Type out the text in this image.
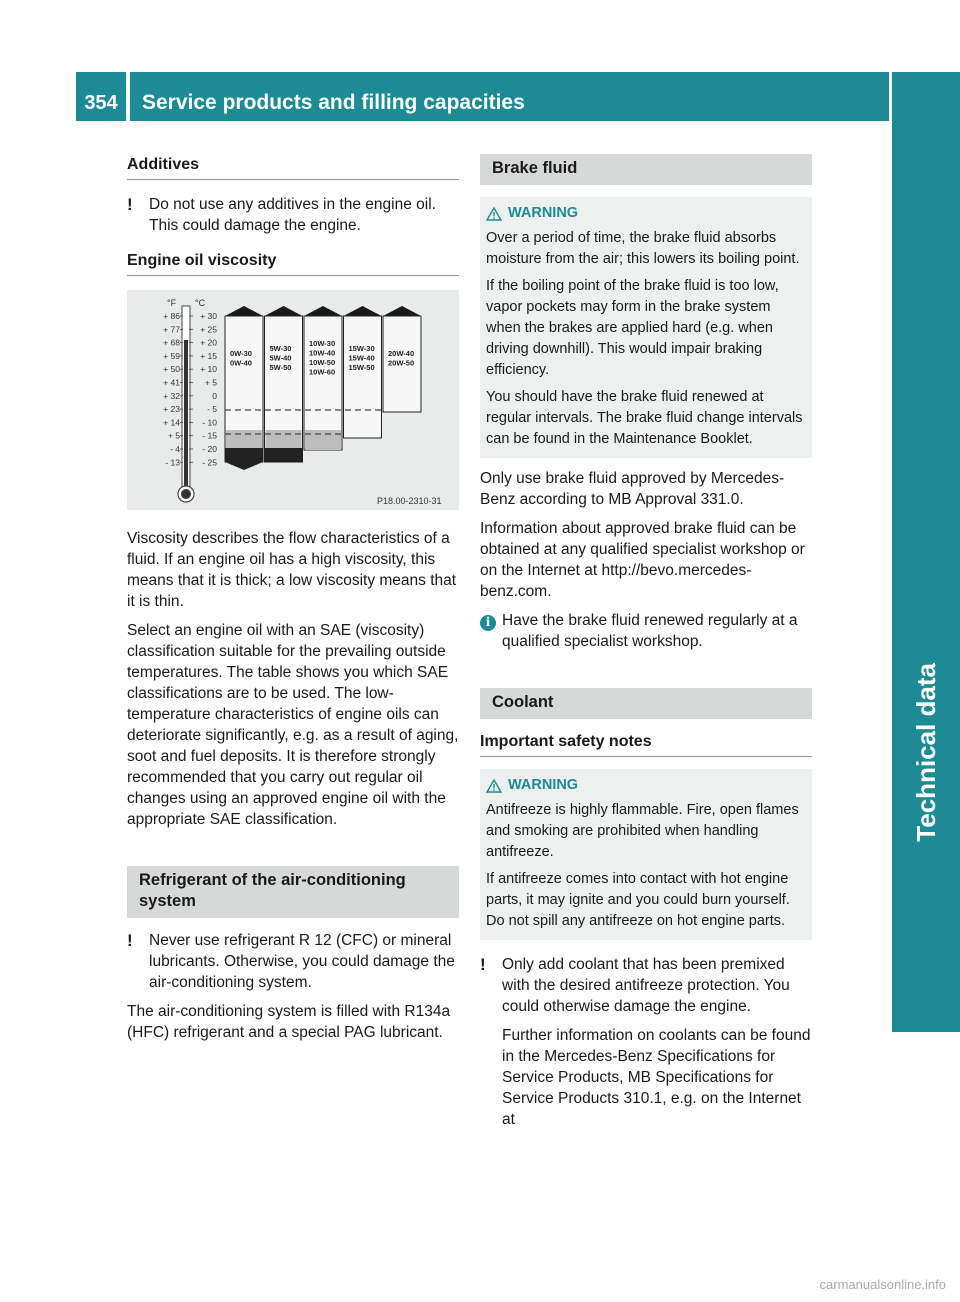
354	Service products and filling capacities
Technical data
Additives
!	Do not use any additives in the engine oil. This could damage the engine.
Engine oil viscosity
°F °C
+ 86
+ 77
+ 68
+ 59
+ 50
+ 41
+ 32
+ 23
+ 14
+ 5
- 4
- 13
+ 30
+ 25
+ 20
+ 15
+ 10
+ 5
0
- 5
- 10
- 15
- 20
- 25
0W-30
0W-40
5W-30
5W-40
5W-50
10W-30
10W-40
10W-50
10W-60
15W-30
15W-40
15W-50
20W-40
20W-50
P18.00-2310-31

Viscosity describes the flow characteristics of a fluid. If an engine oil has a high viscosity, this means that it is thick; a low viscosity means that it is thin.

Select an engine oil with an SAE (viscosity) classification suitable for the prevailing outside temperatures. The table shows you which SAE classifications are to be used. The low-temperature characteristics of engine oils can deteriorate significantly, e.g. as a result of aging, soot and fuel deposits. It is therefore strongly recommended that you carry out regular oil changes using an approved engine oil with the appropriate SAE classification.

Refrigerant of the air-conditioning system
!	Never use refrigerant R 12 (CFC) or mineral lubricants. Otherwise, you could damage the air-conditioning system.

The air-conditioning system is filled with R134a (HFC) refrigerant and a special PAG lubricant.

Brake fluid
WARNING

Over a period of time, the brake fluid absorbs moisture from the air; this lowers its boiling point.

If the boiling point of the brake fluid is too low, vapor pockets may form in the brake system when the brakes are applied hard (e.g. when driving downhill). This would impair braking efficiency.

You should have the brake fluid renewed at regular intervals. The brake fluid change intervals can be found in the Maintenance Booklet.

Only use brake fluid approved by Mercedes-Benz according to MB Approval 331.0.

Information about approved brake fluid can be obtained at any qualified specialist workshop or on the Internet at http://bevo.mercedes-benz.com.

i Have the brake fluid renewed regularly at a qualified specialist workshop.
Coolant
Important safety notes
WARNING

Antifreeze is highly flammable. Fire, open flames and smoking are prohibited when handling antifreeze.

If antifreeze comes into contact with hot engine parts, it may ignite and you could burn yourself. Do not spill any antifreeze on hot engine parts.

!	Only add coolant that has been premixed with the desired antifreeze protection. You could otherwise damage the engine.

Further information on coolants can be found in the Mercedes-Benz Specifications for Service Products, MB Specifications for Service Products 310.1, e.g. on the Internet at

carmanualsonline.info
